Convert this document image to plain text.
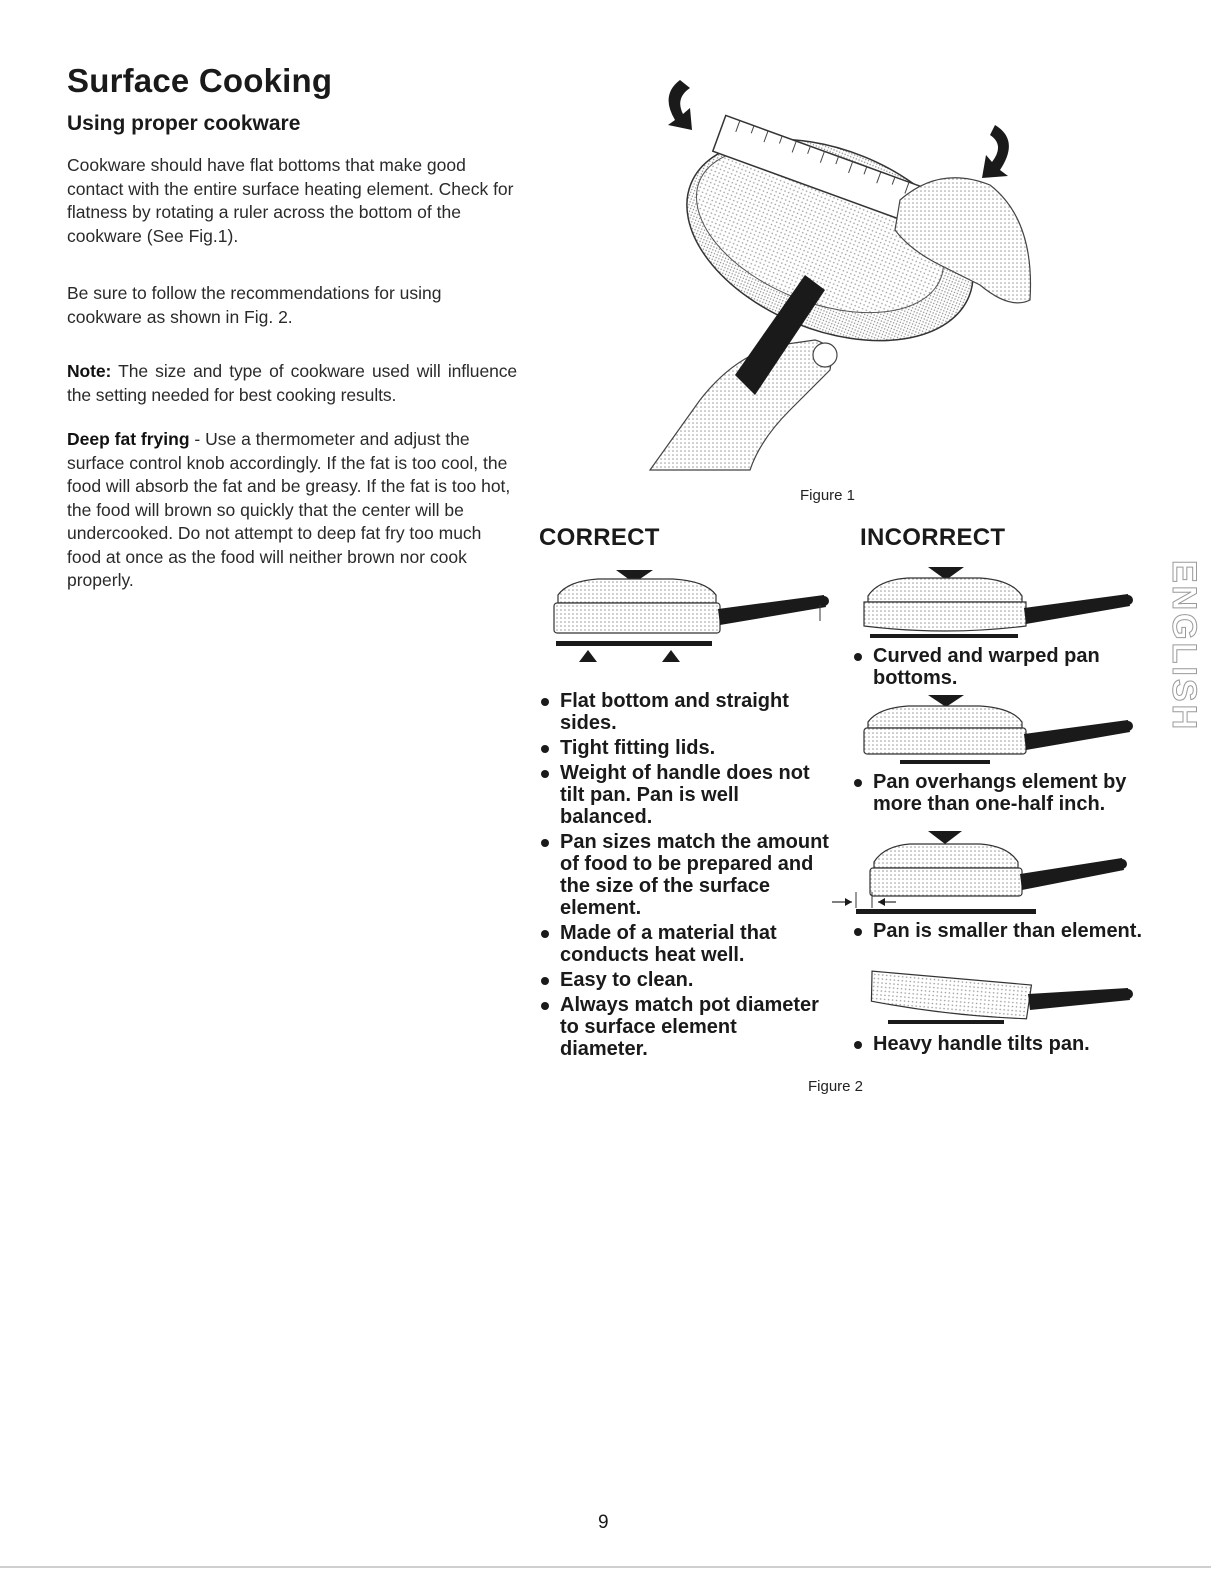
Surface Cooking
Using proper cookware

Cookware should have flat bottoms that make good contact with the entire surface heating element. Check for flatness by rotating a ruler across the bottom of the cookware (See Fig.1).

Be sure to follow the recommendations for using cookware as shown in Fig. 2.

Note: The size and type of cookware used will influence the setting needed for best cooking results.

Deep fat frying - Use a thermometer and adjust the surface control knob accordingly. If the fat is too cool, the food will absorb the fat and be greasy. If the fat is too hot, the food will brown so quickly that the center will be undercooked. Do not attempt to deep fat fry too much food at once as the food will neither brown nor cook properly.

Figure 1
CORRECT
Flat bottom and straight sides.
Tight fitting lids.
Weight of handle does not tilt pan. Pan is well balanced.
Pan sizes match the amount of food to be prepared and the size of the surface element.
Made of a material that conducts heat well.
Easy to clean.
Always match pot diameter to surface element diameter.
INCORRECT
Curved and warped pan bottoms.
Pan overhangs element by more than one-half inch.
Pan is smaller than element.
Heavy handle tilts pan.
Figure 2
ENGLISH
9
